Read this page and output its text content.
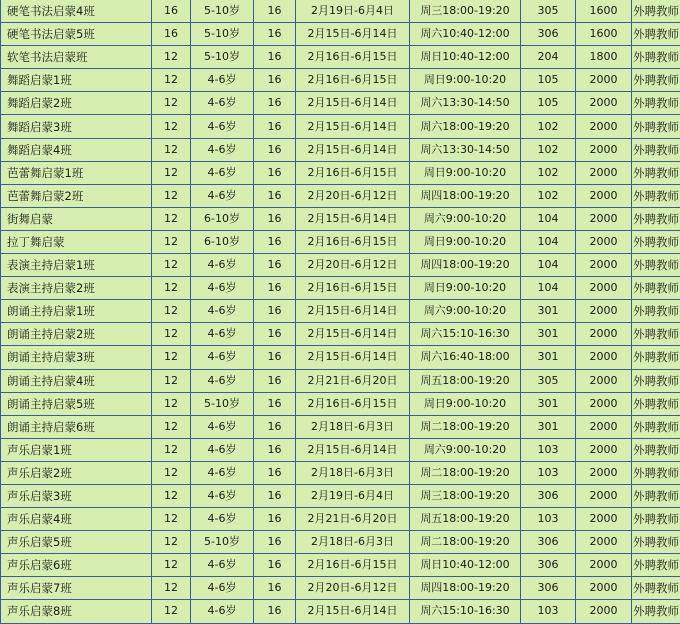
硬笔书法启蒙4班	16	5-10岁	16	2月19日-6月4日	周三18:00-19:20	305	1600	外聘教师
硬笔书法启蒙5班	16	5-10岁	16	2月15日-6月14日	周六10:40-12:00	306	1600	外聘教师
软笔书法启蒙班	12	5-10岁	16	2月16日-6月15日	周日10:40-12:00	204	1800	外聘教师
舞蹈启蒙1班	12	4-6岁	16	2月16日-6月15日	周日9:00-10:20	105	2000	外聘教师
舞蹈启蒙2班	12	4-6岁	16	2月15日-6月14日	周六13:30-14:50	105	2000	外聘教师
舞蹈启蒙3班	12	4-6岁	16	2月15日-6月14日	周六18:00-19:20	102	2000	外聘教师
舞蹈启蒙4班	12	4-6岁	16	2月15日-6月14日	周六13:30-14:50	102	2000	外聘教师
芭蕾舞启蒙1班	12	4-6岁	16	2月16日-6月15日	周日9:00-10:20	102	2000	外聘教师
芭蕾舞启蒙2班	12	4-6岁	16	2月20日-6月12日	周四18:00-19:20	102	2000	外聘教师
街舞启蒙	12	6-10岁	16	2月15日-6月14日	周六9:00-10:20	104	2000	外聘教师
拉丁舞启蒙	12	6-10岁	16	2月16日-6月15日	周日9:00-10:20	104	2000	外聘教师
表演主持启蒙1班	12	4-6岁	16	2月20日-6月12日	周四18:00-19:20	104	2000	外聘教师
表演主持启蒙2班	12	4-6岁	16	2月16日-6月15日	周日9:00-10:20	104	2000	外聘教师
朗诵主持启蒙1班	12	4-6岁	16	2月15日-6月14日	周六9:00-10:20	301	2000	外聘教师
朗诵主持启蒙2班	12	4-6岁	16	2月15日-6月14日	周六15:10-16:30	301	2000	外聘教师
朗诵主持启蒙3班	12	4-6岁	16	2月15日-6月14日	周六16:40-18:00	301	2000	外聘教师
朗诵主持启蒙4班	12	4-6岁	16	2月21日-6月20日	周五18:00-19:20	305	2000	外聘教师
朗诵主持启蒙5班	12	5-10岁	16	2月16日-6月15日	周日9:00-10:20	301	2000	外聘教师
朗诵主持启蒙6班	12	4-6岁	16	2月18日-6月3日	周二18:00-19:20	301	2000	外聘教师
声乐启蒙1班	12	4-6岁	16	2月15日-6月14日	周六9:00-10:20	103	2000	外聘教师
声乐启蒙2班	12	4-6岁	16	2月18日-6月3日	周二18:00-19:20	103	2000	外聘教师
声乐启蒙3班	12	4-6岁	16	2月19日-6月4日	周三18:00-19:20	306	2000	外聘教师
声乐启蒙4班	12	4-6岁	16	2月21日-6月20日	周五18:00-19:20	103	2000	外聘教师
声乐启蒙5班	12	5-10岁	16	2月18日-6月3日	周二18:00-19:20	306	2000	外聘教师
声乐启蒙6班	12	4-6岁	16	2月16日-6月15日	周日10:40-12:00	306	2000	外聘教师
声乐启蒙7班	12	4-6岁	16	2月20日-6月12日	周四18:00-19:20	306	2000	外聘教师
声乐启蒙8班	12	4-6岁	16	2月15日-6月14日	周六15:10-16:30	103	2000	外聘教师
